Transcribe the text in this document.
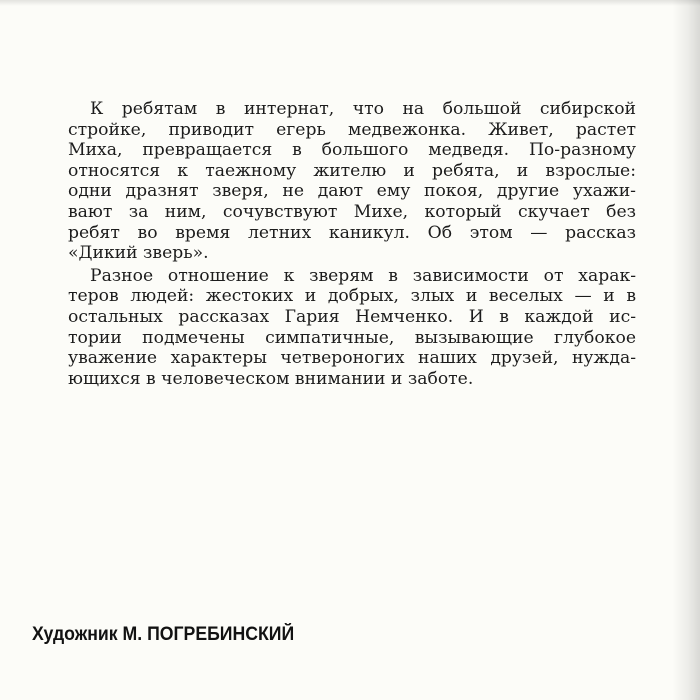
К ребятам в интернат, что на большой сибирской
стройке, приводит егерь медвежонка. Живет, растет
Миха, превращается в большого медведя. По-разному
относятся к таежному жителю и ребята, и взрослые:
одни дразнят зверя, не дают ему покоя, другие ухажи-
вают за ним, сочувствуют Михе, который скучает без
ребят во время летних каникул. Об этом — рассказ
«Дикий зверь».
Разное отношение к зверям в зависимости от харак-
теров людей: жестоких и добрых, злых и веселых — и в
остальных рассказах Гария Немченко. И в каждой ис-
тории подмечены симпатичные, вызывающие глубокое
уважение характеры четвероногих наших друзей, нужда-
ющихся в человеческом внимании и заботе.
Художник М. ПОГРЕБИНСКИЙ
